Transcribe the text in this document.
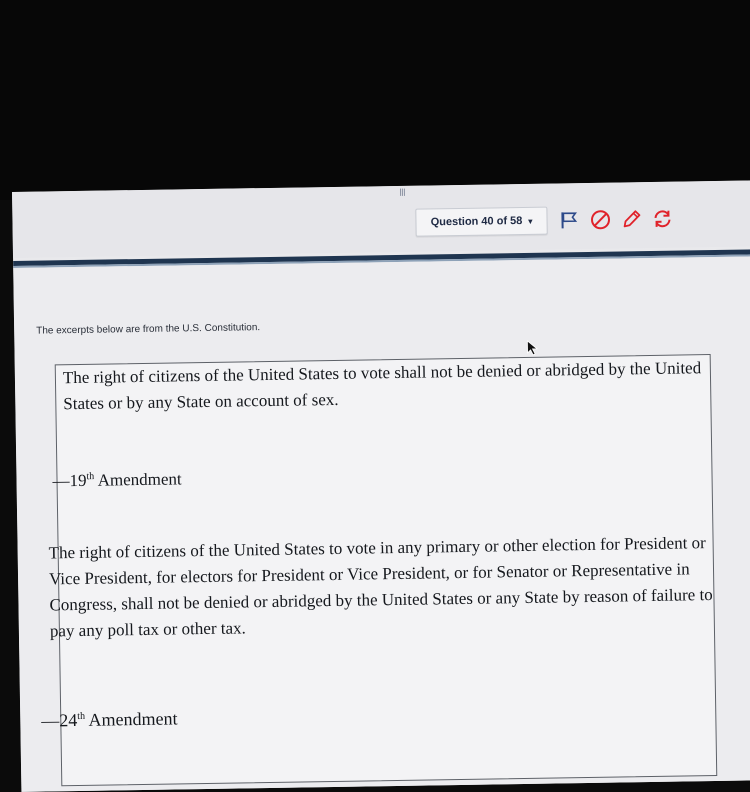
III
Question 40 of 58 ▾
The excerpts below are from the U.S. Constitution.
The right of citizens of the United States to vote shall not be denied or abridged by the United States or by any State on account of sex.
—19th Amendment
The right of citizens of the United States to vote in any primary or other election for President or Vice President, for electors for President or Vice President, or for Senator or Representative in Congress, shall not be denied or abridged by the United States or any State by reason of failure to pay any poll tax or other tax.
—24th Amendment
